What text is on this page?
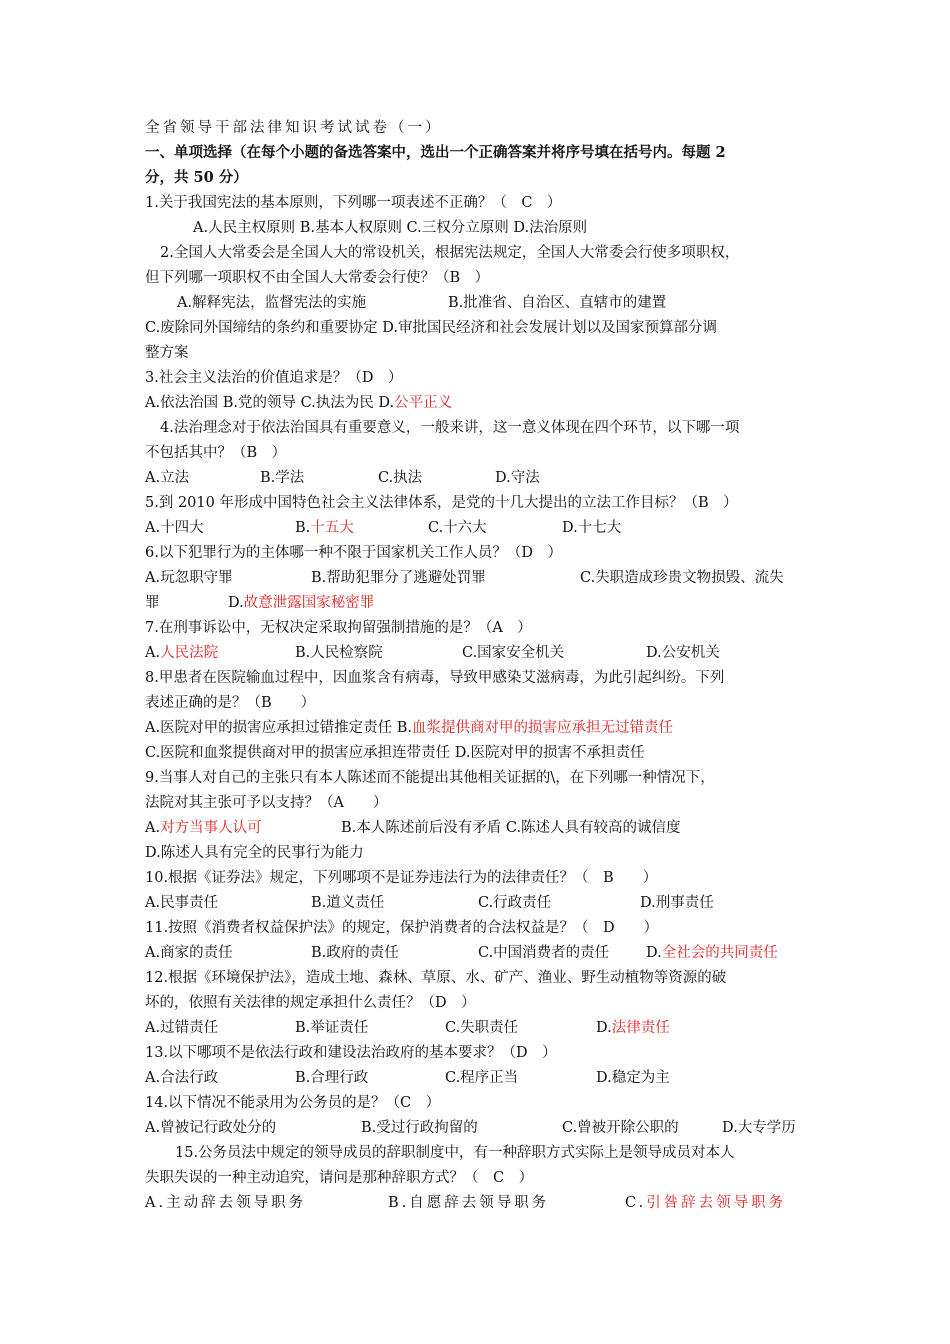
全省领导干部法律知识考试试卷（一）
一、单项选择（在每个小题的备选答案中，选出一个正确答案并将序号填在括号内。每题 2
分，共 50 分）
1.关于我国宪法的基本原则，下列哪一项表述不正确？（　C　）
A.人民主权原则 B.基本人权原则 C.三权分立原则 D.法治原则
2.全国人大常委会是全国人大的常设机关，根据宪法规定，全国人大常委会行使多项职权，
但下列哪一项职权不由全国人大常委会行使？（B　）
A.解释宪法，监督宪法的实施	B.批准省、自治区、直辖市的建置
C.废除同外国缔结的条约和重要协定 D.审批国民经济和社会发展计划以及国家预算部分调
整方案
3.社会主义法治的价值追求是？（D　）
A.依法治国 B.党的领导 C.执法为民 D.公平正义
4.法治理念对于依法治国具有重要意义，一般来讲，这一意义体现在四个环节，以下哪一项
不包括其中？（B　）
A.立法	B.学法	C.执法	D.守法
5.到 2010 年形成中国特色社会主义法律体系，是党的十几大提出的立法工作目标？（B　）
A.十四大	B.十五大	C.十六大	D.十七大
6.以下犯罪行为的主体哪一种不限于国家机关工作人员？（D　）
A.玩忽职守罪	B.帮助犯罪分了逃避处罚罪	C.失职造成珍贵文物损毁、流失
罪	D.故意泄露国家秘密罪
7.在刑事诉讼中，无权决定采取拘留强制措施的是？（A　）
A.人民法院	B.人民检察院	C.国家安全机关	D.公安机关
8.甲患者在医院输血过程中，因血浆含有病毒，导致甲感染艾滋病毒，为此引起纠纷。下列
表述正确的是？（B　　）
A.医院对甲的损害应承担过错推定责任 B.血浆提供商对甲的损害应承担无过错责任
C.医院和血浆提供商对甲的损害应承担连带责任 D.医院对甲的损害不承担责任
9.当事人对自己的主张只有本人陈述而不能提出其他相关证据的\，在下列哪一种情况下，
法院对其主张可予以支持？（A　　）
A.对方当事人认可	B.本人陈述前后没有矛盾 C.陈述人具有较高的诚信度
D.陈述人具有完全的民事行为能力
10.根据《证券法》规定，下列哪项不是证券违法行为的法律责任？（　B　　）
A.民事责任	B.道义责任	C.行政责任	D.刑事责任
11.按照《消费者权益保护法》的规定，保护消费者的合法权益是？（　D　　）
A.商家的责任	B.政府的责任	C.中国消费者的责任	D.全社会的共同责任
12.根据《环境保护法》，造成土地、森林、草原、水、矿产、渔业、野生动植物等资源的破
坏的，依照有关法律的规定承担什么责任？（D　）
A.过错责任	B.举证责任	C.失职责任	D.法律责任
13.以下哪项不是依法行政和建设法治政府的基本要求？（D　）
A.合法行政	B.合理行政	C.程序正当	D.稳定为主
14.以下情况不能录用为公务员的是？（C　）
A.曾被记行政处分的	B.受过行政拘留的	C.曾被开除公职的	D.大专学历
15.公务员法中规定的领导成员的辞职制度中，有一种辞职方式实际上是领导成员对本人
失职失误的一种主动追究，请问是那种辞职方式？（　C　）
A.主动辞去领导职务	B.自愿辞去领导职务	C.引咎辞去领导职务
